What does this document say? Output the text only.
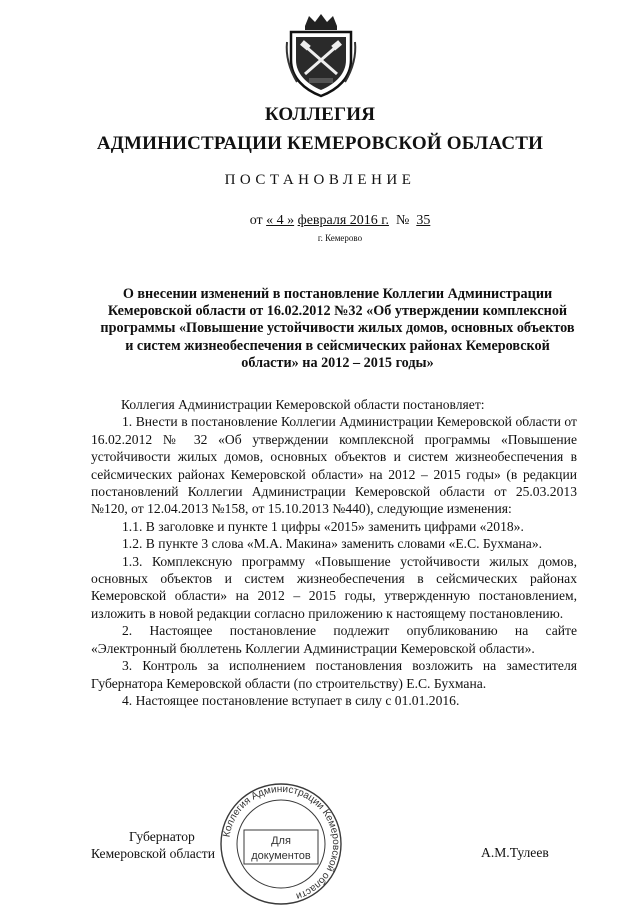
КОЛЛЕГИЯ
АДМИНИСТРАЦИИ КЕМЕРОВСКОЙ ОБЛАСТИ
ПОСТАНОВЛЕНИЕ
от « 4 » февраля 2016 г. № 35
г. Кемерово
О внесении изменений в постановление Коллегии Администрации Кемеровской области от 16.02.2012 №32 «Об утверждении комплексной программы «Повышение устойчивости жилых домов, основных объектов и систем жизнеобеспечения в сейсмических районах Кемеровской области» на 2012 – 2015 годы»

Коллегия Администрации Кемеровской области постановляет:

1. Внести в постановление Коллегии Администрации Кемеровской области от 16.02.2012 № 32 «Об утверждении комплексной программы «Повышение устойчивости жилых домов, основных объектов и систем жизнеобеспечения в сейсмических районах Кемеровской области» на 2012 – 2015 годы» (в редакции постановлений Коллегии Администрации Кемеровской области от 25.03.2013 №120, от 12.04.2013 №158, от 15.10.2013 №440), следующие изменения:

1.1. В заголовке и пункте 1 цифры «2015» заменить цифрами «2018».

1.2. В пункте 3 слова «М.А. Макина» заменить словами «Е.С. Бухмана».

1.3. Комплексную программу «Повышение устойчивости жилых домов, основных объектов и систем жизнеобеспечения в сейсмических районах Кемеровской области» на 2012 – 2015 годы, утвержденную постановлением, изложить в новой редакции согласно приложению к настоящему постановлению.

2. Настоящее постановление подлежит опубликованию на сайте «Электронный бюллетень Коллегии Администрации Кемеровской области».

3. Контроль за исполнением постановления возложить на заместителя Губернатора Кемеровской области (по строительству) Е.С. Бухмана.

4. Настоящее постановление вступает в силу с 01.01.2016.

Губернатор
Кемеровской области	А.М.Тулеев
Коллегия Администрации Кемеровской области
Для
документов
